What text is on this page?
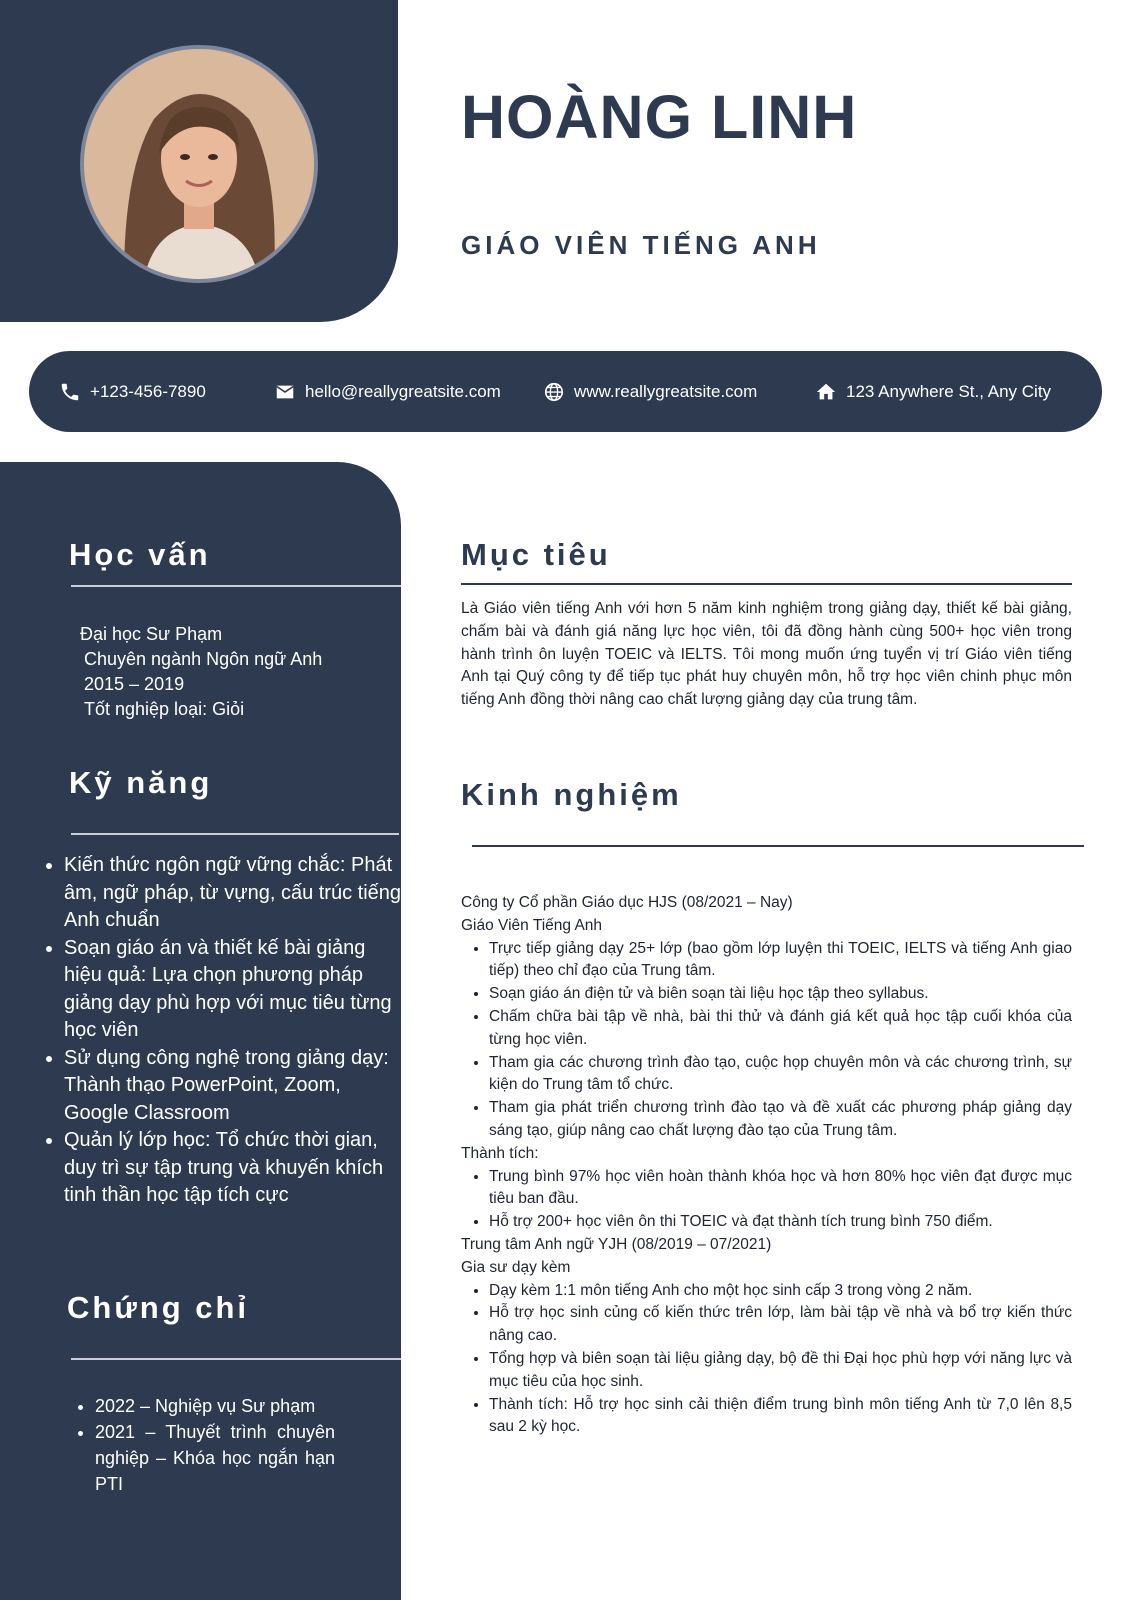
HOÀNG LINH
GIÁO VIÊN TIẾNG ANH
+123-456-7890	hello@reallygreatsite.com	www.reallygreatsite.com	123 Anywhere St., Any City
Học vấn
Đại học Sư Phạm
Chuyên ngành Ngôn ngữ Anh
2015 – 2019
Tốt nghiệp loại: Giỏi
Kỹ năng
• Kiến thức ngôn ngữ vững chắc: Phát âm, ngữ pháp, từ vựng, cấu trúc tiếng Anh chuẩn
• Soạn giáo án và thiết kế bài giảng hiệu quả: Lựa chọn phương pháp giảng dạy phù hợp với mục tiêu từng học viên
• Sử dụng công nghệ trong giảng dạy: Thành thạo PowerPoint, Zoom, Google Classroom
• Quản lý lớp học: Tổ chức thời gian, duy trì sự tập trung và khuyến khích tinh thần học tập tích cực
Chứng chỉ
• 2022 – Nghiệp vụ Sư phạm
• 2021 – Thuyết trình chuyên nghiệp – Khóa học ngắn hạn PTI
Mục tiêu

Là Giáo viên tiếng Anh với hơn 5 năm kinh nghiệm trong giảng dạy, thiết kế bài giảng, chấm bài và đánh giá năng lực học viên, tôi đã đồng hành cùng 500+ học viên trong hành trình ôn luyện TOEIC và IELTS. Tôi mong muốn ứng tuyển vị trí Giáo viên tiếng Anh tại Quý công ty để tiếp tục phát huy chuyên môn, hỗ trợ học viên chinh phục môn tiếng Anh đồng thời nâng cao chất lượng giảng dạy của trung tâm.

Kinh nghiệm
Công ty Cổ phần Giáo dục HJS (08/2021 – Nay)
Giáo Viên Tiếng Anh
• Trực tiếp giảng dạy 25+ lớp (bao gồm lớp luyện thi TOEIC, IELTS và tiếng Anh giao tiếp) theo chỉ đạo của Trung tâm.
• Soạn giáo án điện tử và biên soạn tài liệu học tập theo syllabus.
• Chấm chữa bài tập về nhà, bài thi thử và đánh giá kết quả học tập cuối khóa của từng học viên.
• Tham gia các chương trình đào tạo, cuộc họp chuyên môn và các chương trình, sự kiện do Trung tâm tổ chức.
• Tham gia phát triển chương trình đào tạo và đề xuất các phương pháp giảng dạy sáng tạo, giúp nâng cao chất lượng đào tạo của Trung tâm.
Thành tích:
• Trung bình 97% học viên hoàn thành khóa học và hơn 80% học viên đạt được mục tiêu ban đầu.
• Hỗ trợ 200+ học viên ôn thi TOEIC và đạt thành tích trung bình 750 điểm.
Trung tâm Anh ngữ YJH (08/2019 – 07/2021)
Gia sư dạy kèm
• Dạy kèm 1:1 môn tiếng Anh cho một học sinh cấp 3 trong vòng 2 năm.
• Hỗ trợ học sinh củng cố kiến thức trên lớp, làm bài tập về nhà và bổ trợ kiến thức nâng cao.
• Tổng hợp và biên soạn tài liệu giảng dạy, bộ đề thi Đại học phù hợp với năng lực và mục tiêu của học sinh.
• Thành tích: Hỗ trợ học sinh cải thiện điểm trung bình môn tiếng Anh từ 7,0 lên 8,5 sau 2 kỳ học.
